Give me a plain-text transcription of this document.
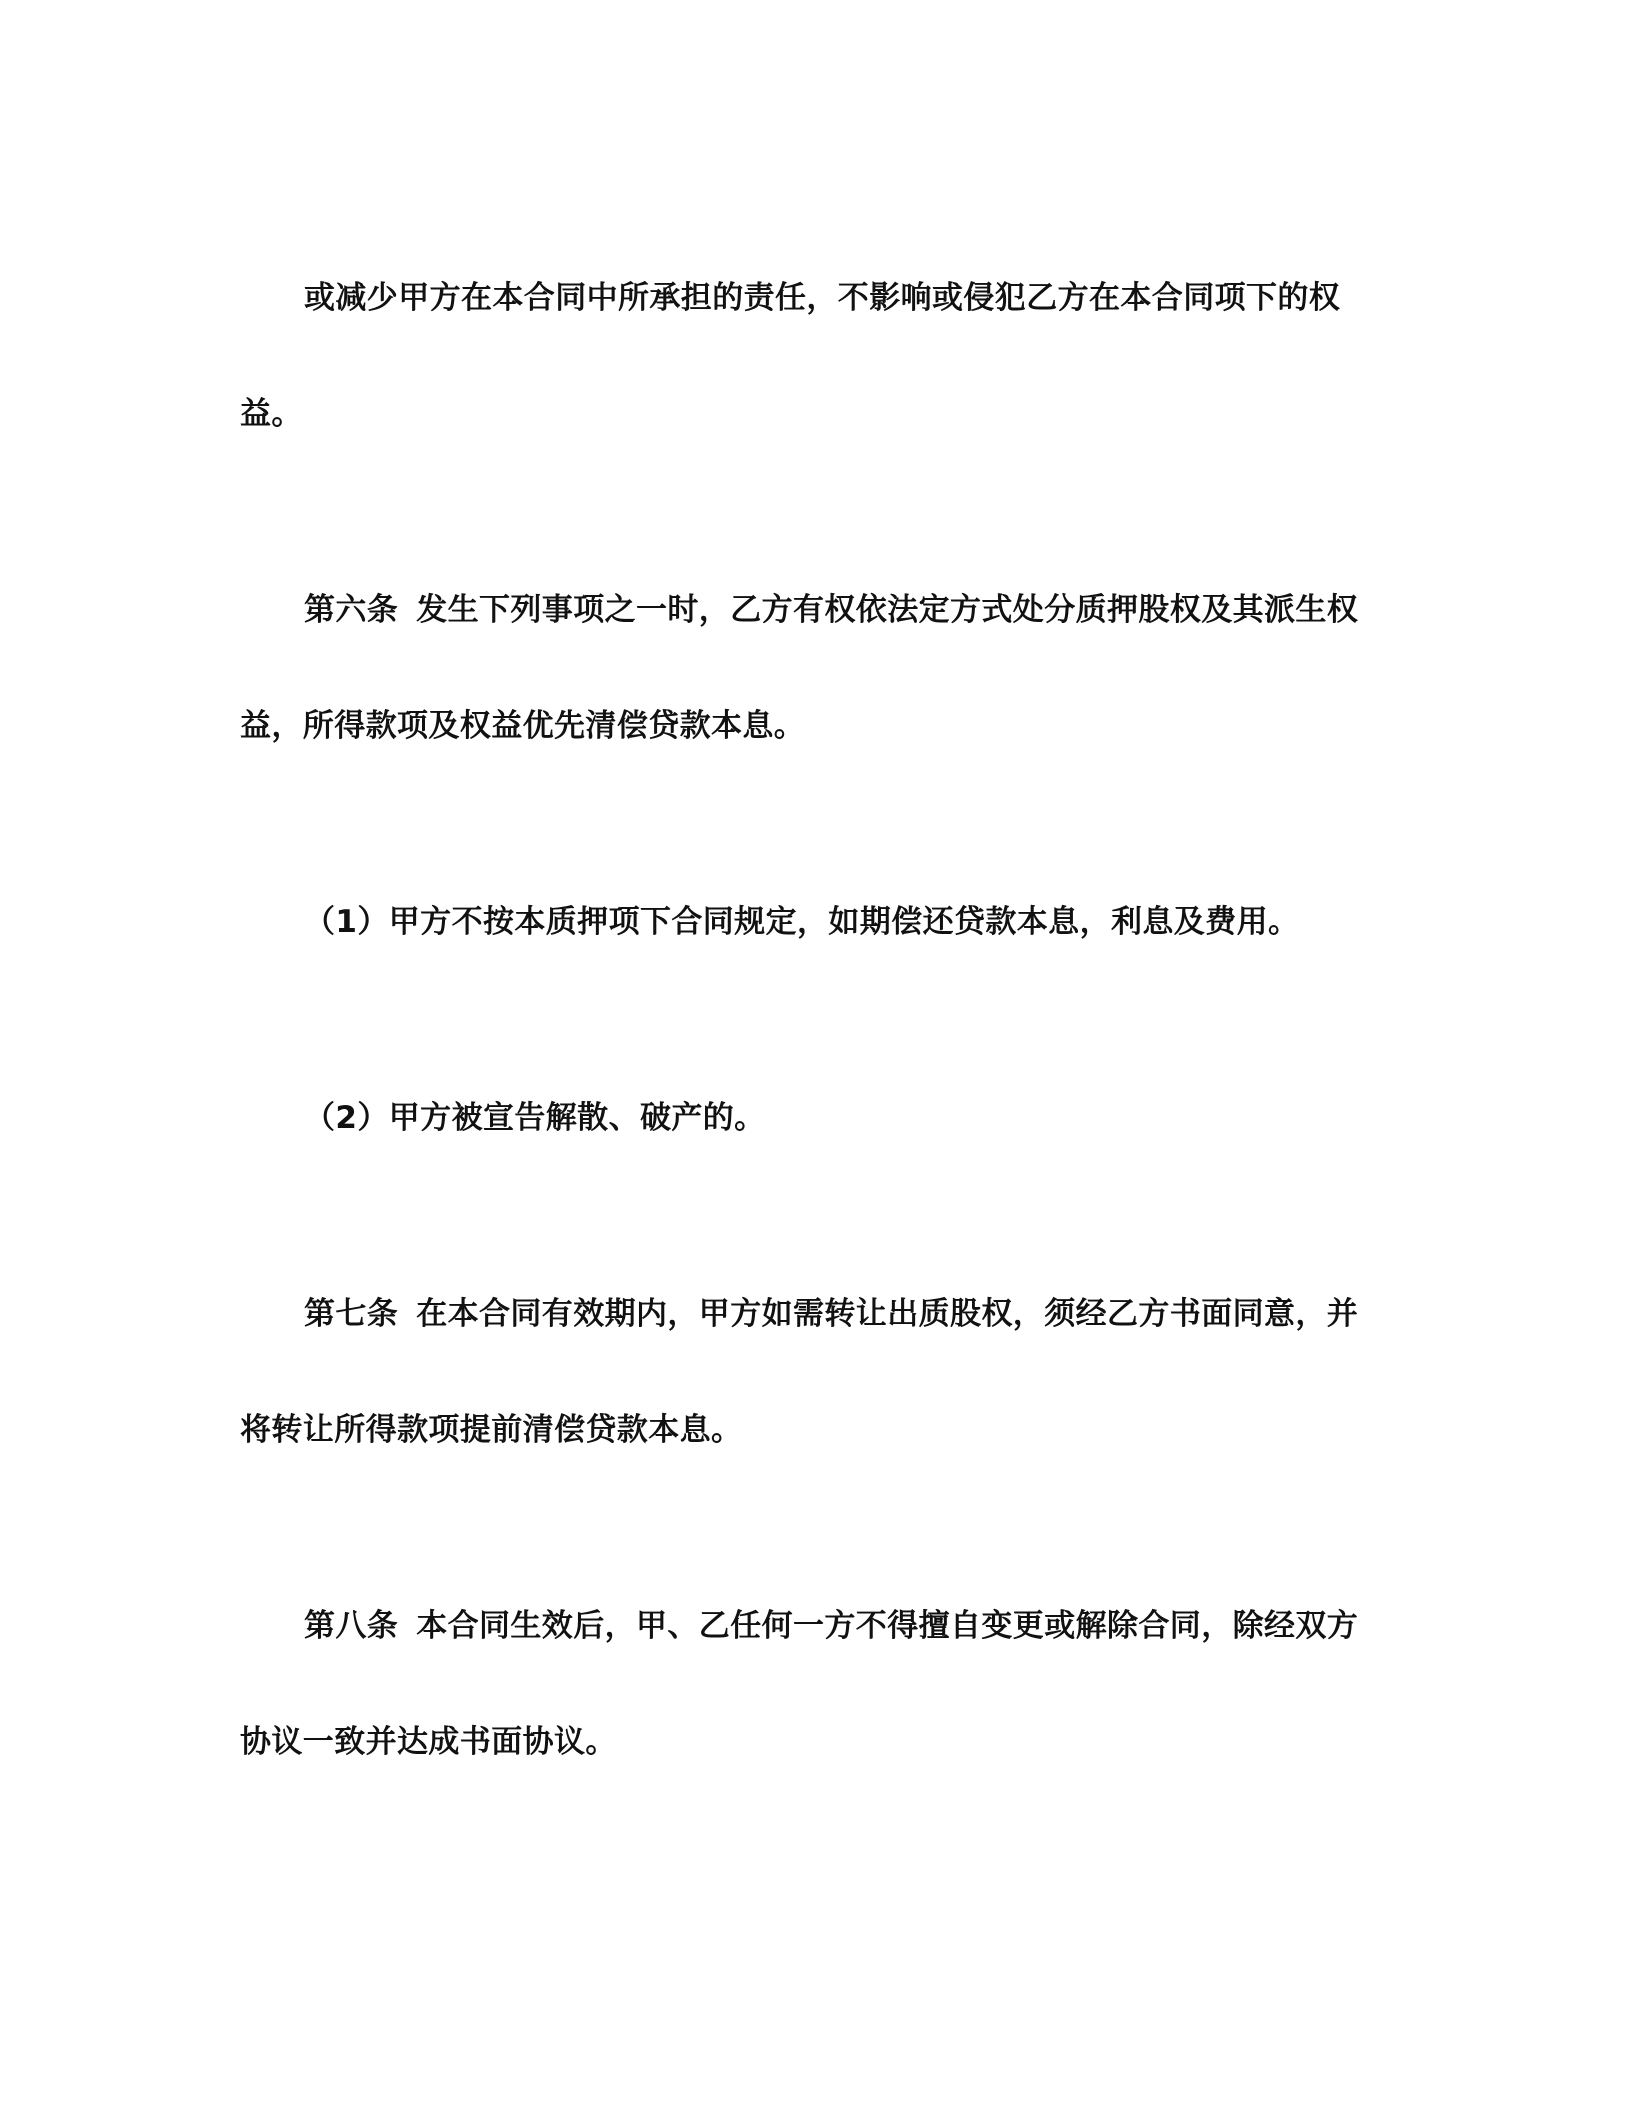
或减少甲方在本合同中所承担的责任，不影响或侵犯乙方在本合同项下的权
益。
第六条 发生下列事项之一时，乙方有权依法定方式处分质押股权及其派生权
益，所得款项及权益优先清偿贷款本息。
（1）甲方不按本质押项下合同规定，如期偿还贷款本息，利息及费用。
（2）甲方被宣告解散、破产的。
第七条 在本合同有效期内，甲方如需转让出质股权，须经乙方书面同意，并
将转让所得款项提前清偿贷款本息。
第八条 本合同生效后，甲、乙任何一方不得擅自变更或解除合同，除经双方
协议一致并达成书面协议。
